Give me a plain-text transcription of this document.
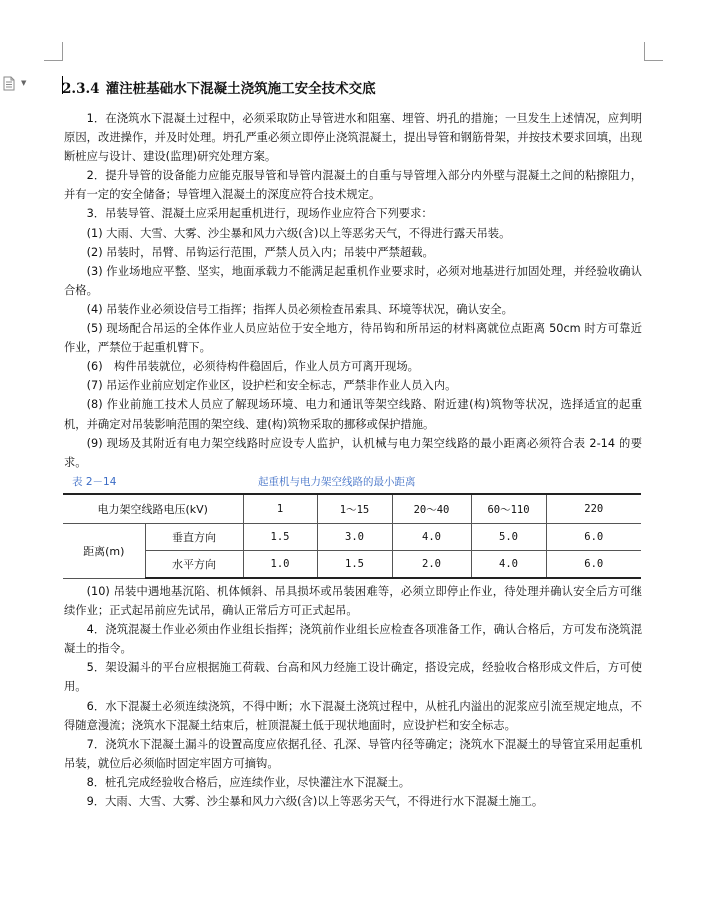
▼	2.3.4 灌注桩基础水下混凝土浇筑施工安全技术交底

1．在浇筑水下混凝土过程中，必须采取防止导管进水和阻塞、埋管、坍孔的措施；一旦发生上述情况，应判明原因，改进操作，并及时处理。坍孔严重必须立即停止浇筑混凝土，提出导管和钢筋骨架，并按技术要求回填，出现断桩应与设计、建设(监理)研究处理方案。

2．提升导管的设备能力应能克服导管和导管内混凝土的自重与导管埋入部分内外壁与混凝土之间的粘擦阻力，并有一定的安全储备；导管埋入混凝土的深度应符合技术规定。

3．吊装导管、混凝土应采用起重机进行，现场作业应符合下列要求：

(1) 大雨、大雪、大雾、沙尘暴和风力六级(含)以上等恶劣天气，不得进行露天吊装。

(2) 吊装时，吊臂、吊钩运行范围，严禁人员入内；吊装中严禁超载。

(3) 作业场地应平整、坚实，地面承载力不能满足起重机作业要求时，必须对地基进行加固处理，并经验收确认合格。

(4) 吊装作业必须设信号工指挥；指挥人员必须检查吊索具、环境等状况，确认安全。

(5) 现场配合吊运的全体作业人员应站位于安全地方，待吊钩和所吊运的材料离就位点距离 50cm 时方可靠近作业，严禁位于起重机臂下。

(6)　构件吊装就位，必须待构件稳固后，作业人员方可离开现场。

(7) 吊运作业前应划定作业区，设护栏和安全标志，严禁非作业人员入内。

(8) 作业前施工技术人员应了解现场环境、电力和通讯等架空线路、附近建(构)筑物等状况，选择适宜的起重机，并确定对吊装影响范围的架空线、建(构)筑物采取的挪移或保护措施。

(9) 现场及其附近有电力架空线路时应设专人监护，认机械与电力架空线路的最小距离必须符合表 2-14 的要求。

表 2－14	起重机与电力架空线路的最小距离
电力架空线路电压(kV)		1	1～15	20～40	60～110	220
距离(m)	垂直方向	1.5	3.0	4.0	5.0	6.0
	水平方向	1.0	1.5	2.0	4.0	6.0

(10) 吊装中遇地基沉陷、机体倾斜、吊具损坏或吊装困难等，必须立即停止作业，待处理并确认安全后方可继续作业；正式起吊前应先试吊，确认正常后方可正式起吊。

4．浇筑混凝土作业必须由作业组长指挥；浇筑前作业组长应检查各项准备工作，确认合格后，方可发布浇筑混凝土的指令。

5．架设漏斗的平台应根据施工荷载、台高和风力经施工设计确定，搭设完成，经验收合格形成文件后，方可使用。

6．水下混凝土必须连续浇筑，不得中断；水下混凝土浇筑过程中，从桩孔内溢出的泥浆应引流至规定地点，不得随意漫流；浇筑水下混凝土结束后，桩顶混凝土低于现状地面时，应设护栏和安全标志。

7．浇筑水下混凝土漏斗的设置高度应依据孔径、孔深、导管内径等确定；浇筑水下混凝土的导管宜采用起重机吊装，就位后必须临时固定牢固方可摘钩。

8．桩孔完成经验收合格后，应连续作业，尽快灌注水下混凝土。

9．大雨、大雪、大雾、沙尘暴和风力六级(含)以上等恶劣天气，不得进行水下混凝土施工。
